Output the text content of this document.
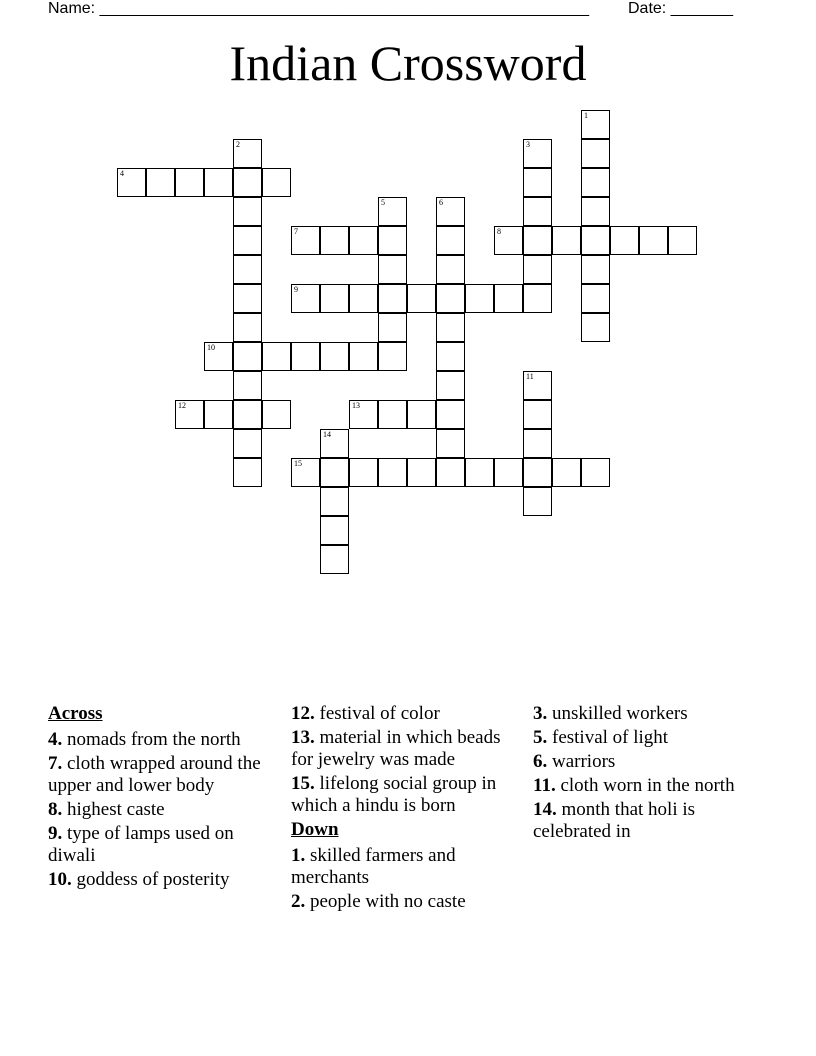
Name: _______________________________________________________ Date: _______
Indian Crossword
1
2	3
4
5	6
7	8
9
10
11
12	13
14
15
Across
4. nomads from the north
7. cloth wrapped around the upper and lower body
8. highest caste
9. type of lamps used on diwali
10. goddess of posterity
12. festival of color
13. material in which beads for jewelry was made
15. lifelong social group in which a hindu is born
Down
1. skilled farmers and merchants
2. people with no caste
3. unskilled workers
5. festival of light
6. warriors
11. cloth worn in the north
14. month that holi is celebrated in
